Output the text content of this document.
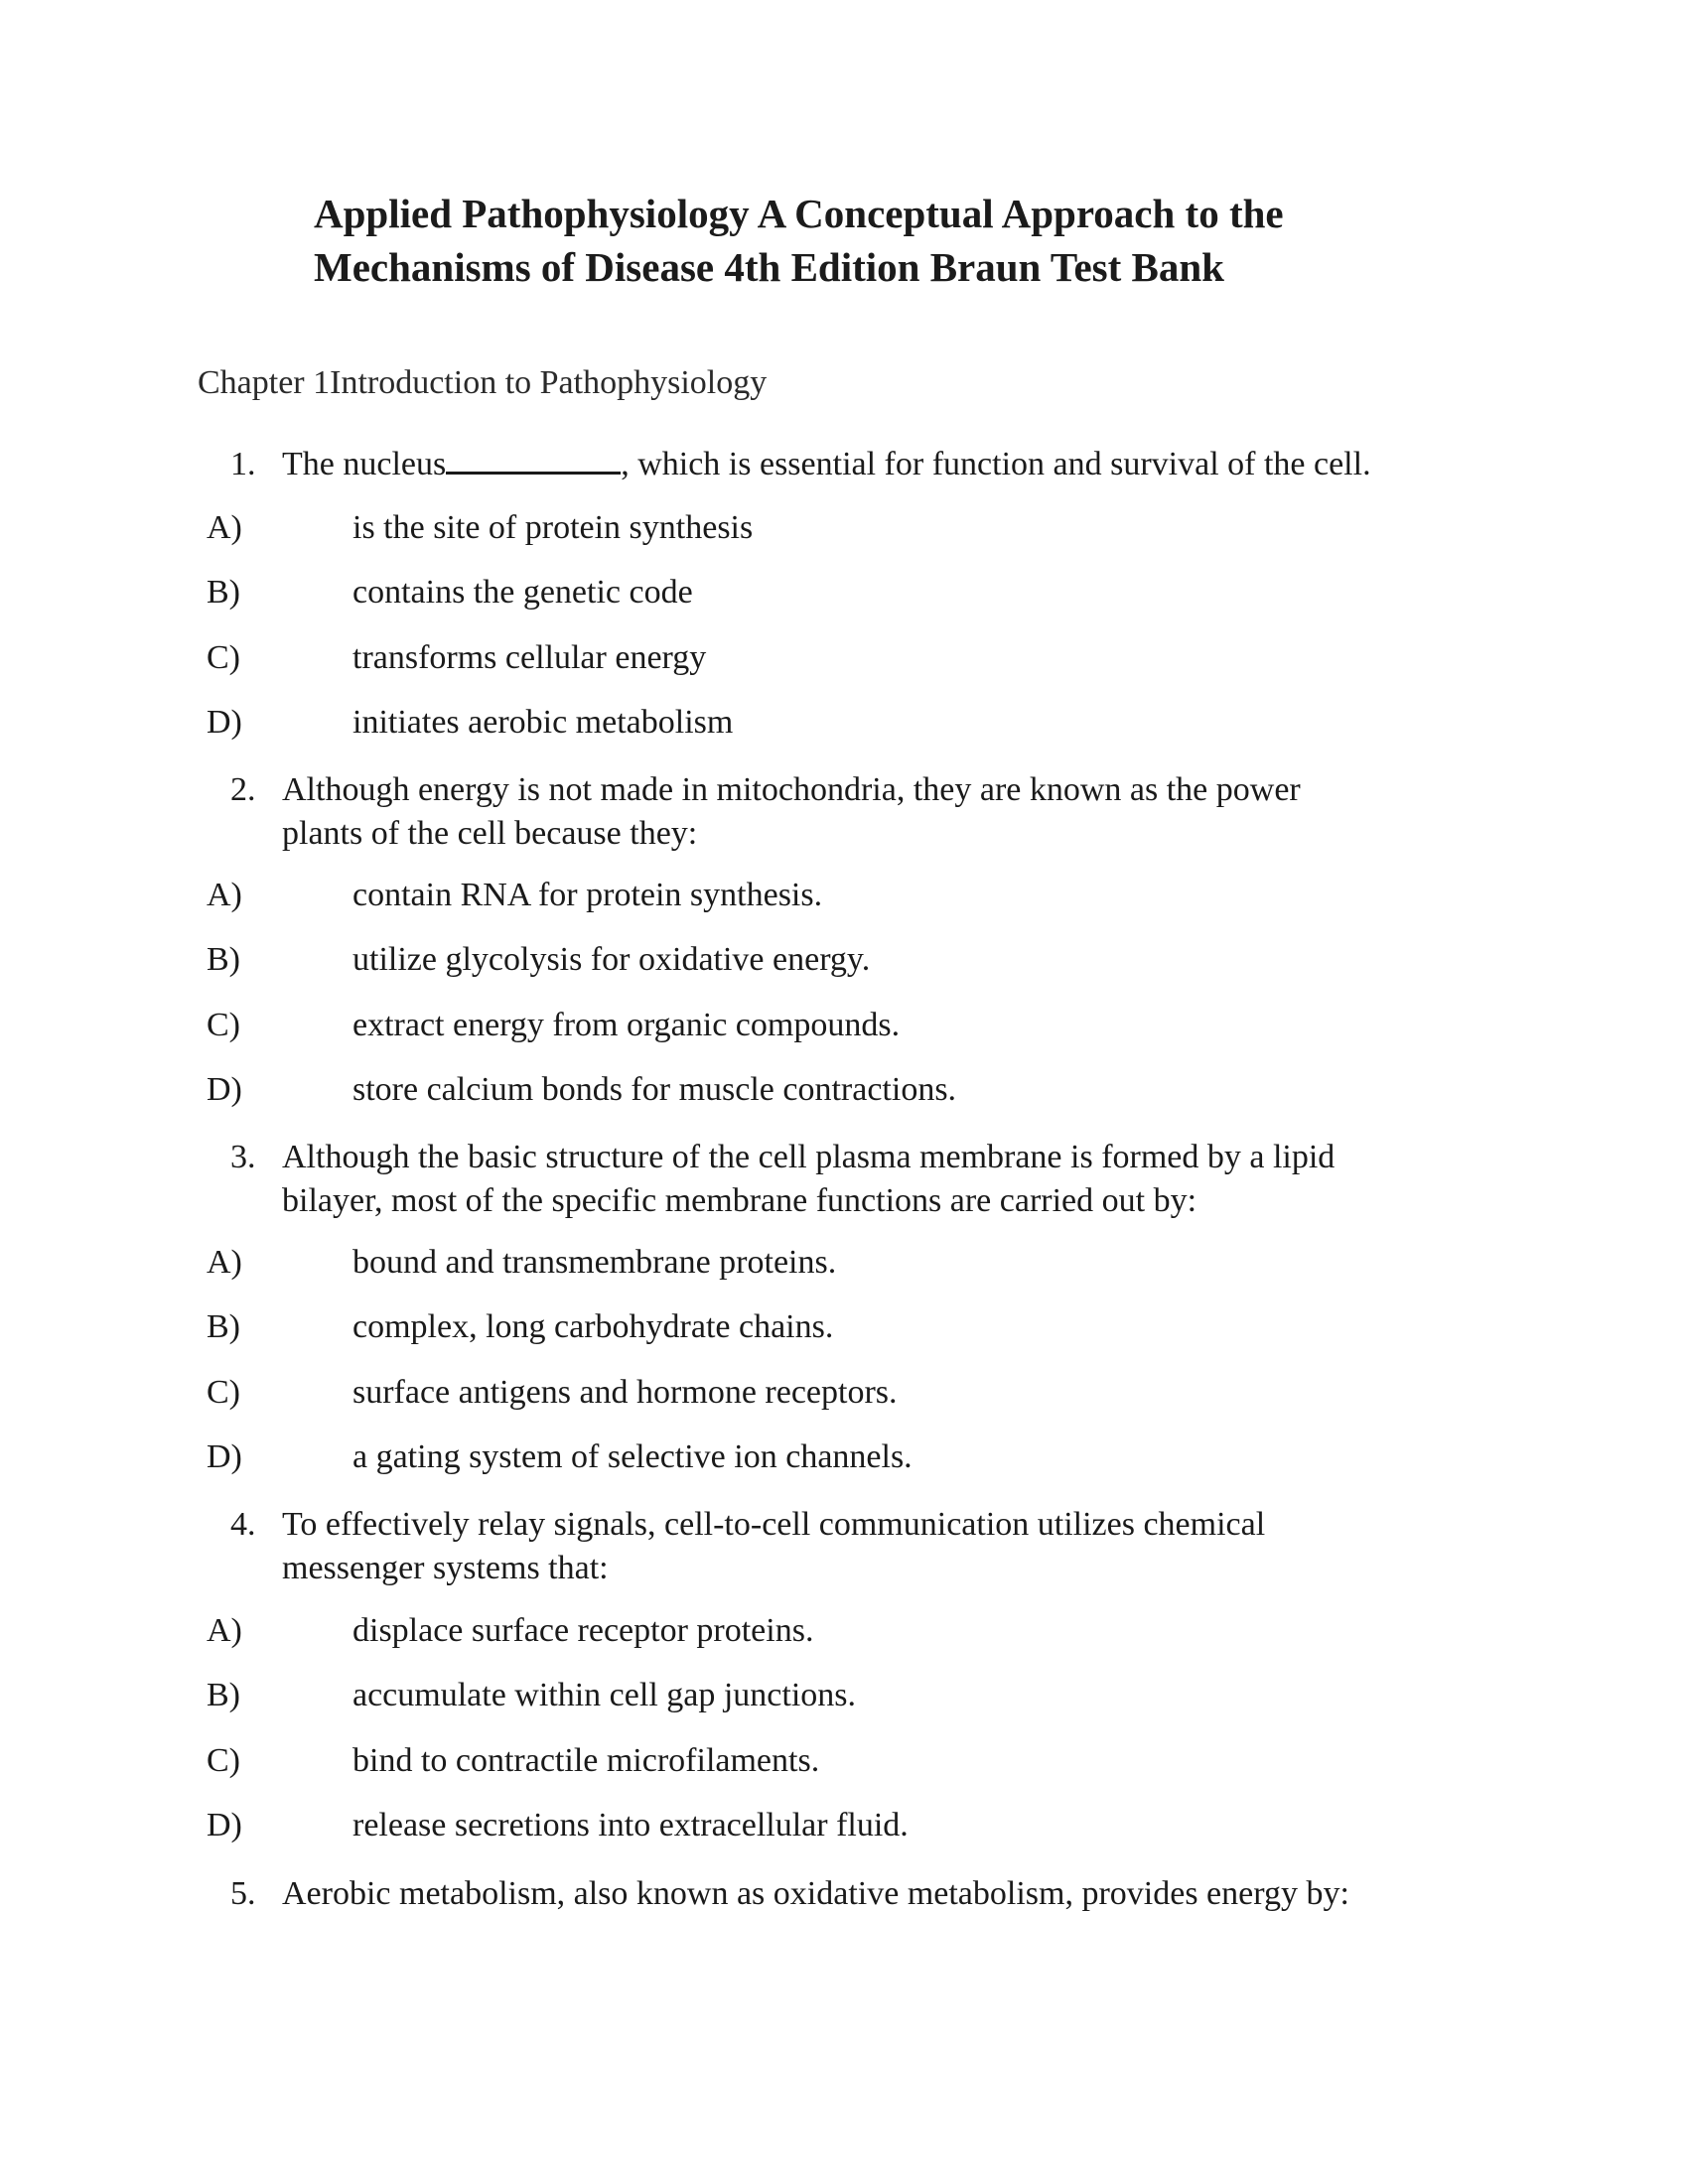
Applied Pathophysiology A Conceptual Approach to the
Mechanisms of Disease 4th Edition Braun Test Bank
Chapter 1Introduction to Pathophysiology
1. The nucleus	, which is essential for function and survival of the cell.
A)	is the site of protein synthesis
B)	contains the genetic code
C)	transforms cellular energy
D)	initiates aerobic metabolism
2. Although energy is not made in mitochondria, they are known as the power
plants of the cell because they:
A)	contain RNA for protein synthesis.
B)	utilize glycolysis for oxidative energy.
C)	extract energy from organic compounds.
D)	store calcium bonds for muscle contractions.
3. Although the basic structure of the cell plasma membrane is formed by a lipid
bilayer, most of the specific membrane functions are carried out by:
A)	bound and transmembrane proteins.
B)	complex, long carbohydrate chains.
C)	surface antigens and hormone receptors.
D)	a gating system of selective ion channels.
4. To effectively relay signals, cell-to-cell communication utilizes chemical
messenger systems that:
A)	displace surface receptor proteins.
B)	accumulate within cell gap junctions.
C)	bind to contractile microfilaments.
D)	release secretions into extracellular fluid.
5. Aerobic metabolism, also known as oxidative metabolism, provides energy by:
